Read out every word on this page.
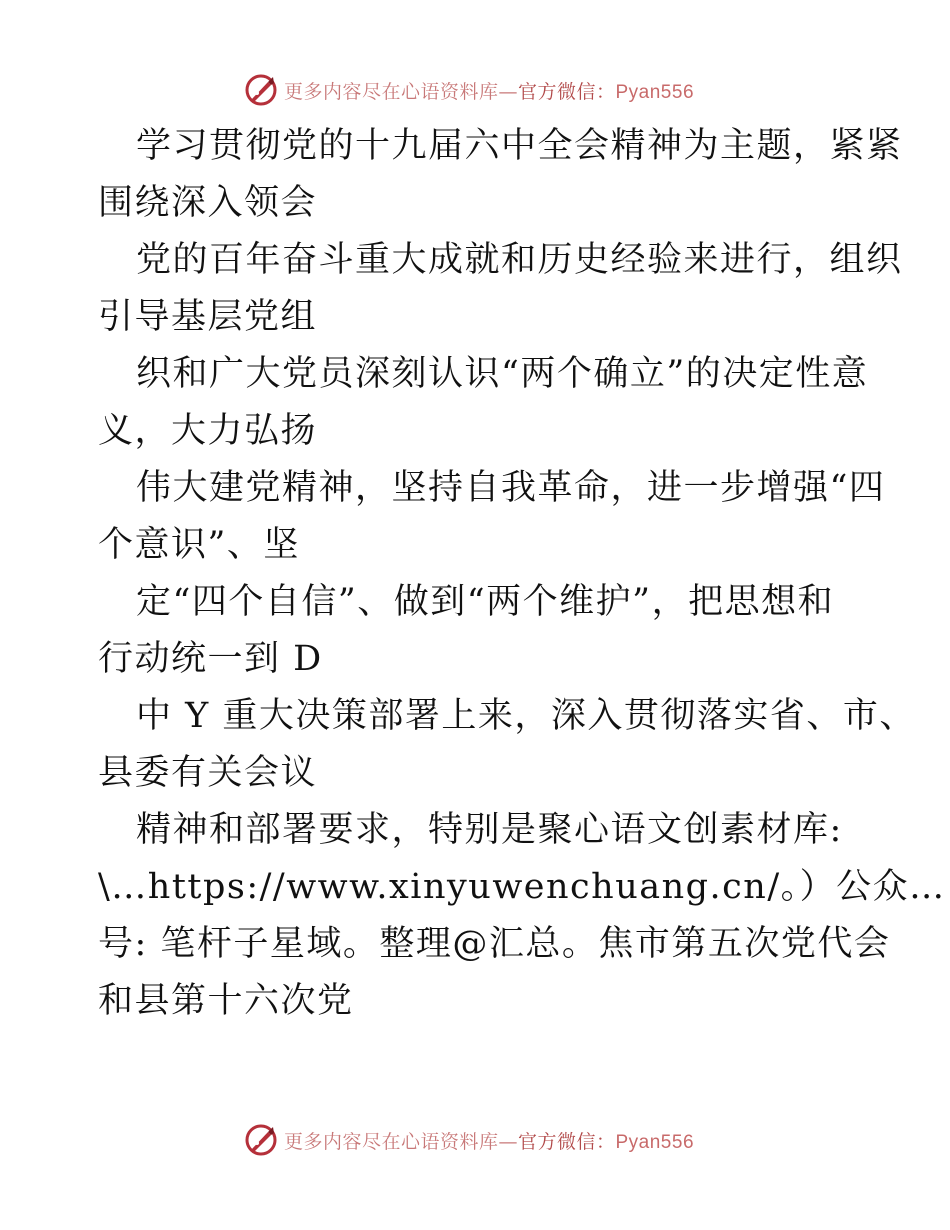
更多内容尽在心语资料库—官方微信：Pyan556
学习贯彻党的十九届六中全会精神为主题，紧紧
围绕深入领会
党的百年奋斗重大成就和历史经验来进行，组织
引导基层党组
织和广大党员深刻认识“两个确立”的决定性意
义，大力弘扬
伟大建党精神，坚持自我革命，进一步增强“四
个意识”、坚
定“四个自信”、做到“两个维护”，把思想和
行动统一到 D
中 Y 重大决策部署上来，深入贯彻落实省、市、
县委有关会议
精神和部署要求，特别是聚心语文创素材库:
\…https://www.xinyuwenchuang.cn/。）公众…
号: 笔杆子星域。整理@汇总。焦市第五次党代会
和县第十六次党
更多内容尽在心语资料库—官方微信：Pyan556
